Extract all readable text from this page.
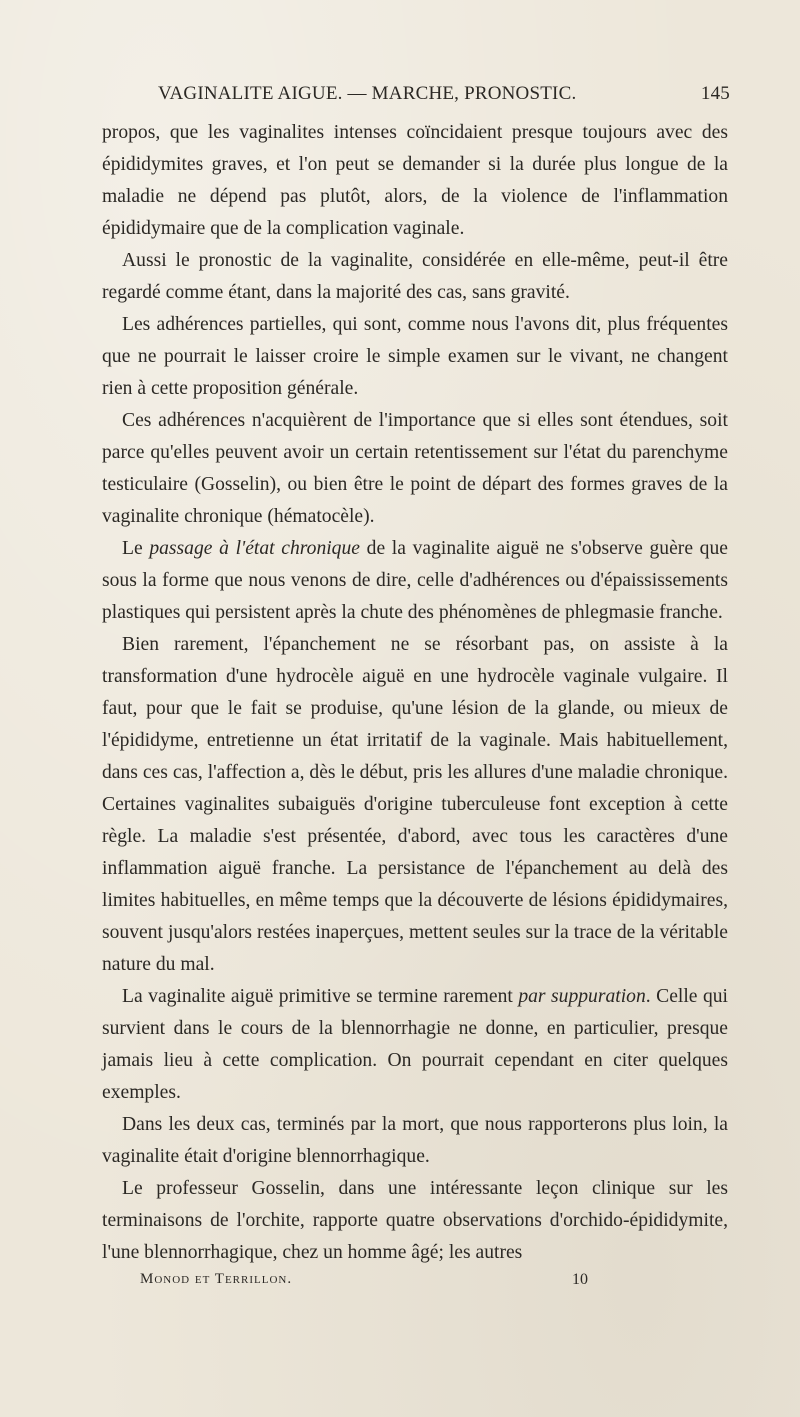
VAGINALITE AIGUE. — MARCHE, PRONOSTIC.	145

propos, que les vaginalites intenses coïncidaient presque toujours avec des épididymites graves, et l'on peut se demander si la durée plus longue de la maladie ne dépend pas plutôt, alors, de la violence de l'inflammation épididymaire que de la complication vaginale.

Aussi le pronostic de la vaginalite, considérée en elle-même, peut-il être regardé comme étant, dans la majorité des cas, sans gravité.

Les adhérences partielles, qui sont, comme nous l'avons dit, plus fréquentes que ne pourrait le laisser croire le simple examen sur le vivant, ne changent rien à cette proposition générale.

Ces adhérences n'acquièrent de l'importance que si elles sont étendues, soit parce qu'elles peuvent avoir un certain retentissement sur l'état du parenchyme testiculaire (Gosselin), ou bien être le point de départ des formes graves de la vaginalite chronique (hématocèle).

Le passage à l'état chronique de la vaginalite aiguë ne s'observe guère que sous la forme que nous venons de dire, celle d'adhérences ou d'épaississements plastiques qui persistent après la chute des phénomènes de phlegmasie franche.

Bien rarement, l'épanchement ne se résorbant pas, on assiste à la transformation d'une hydrocèle aiguë en une hydrocèle vaginale vulgaire. Il faut, pour que le fait se produise, qu'une lésion de la glande, ou mieux de l'épididyme, entretienne un état irritatif de la vaginale. Mais habituellement, dans ces cas, l'affection a, dès le début, pris les allures d'une maladie chronique. Certaines vaginalites subaiguës d'origine tuberculeuse font exception à cette règle. La maladie s'est présentée, d'abord, avec tous les caractères d'une inflammation aiguë franche. La persistance de l'épanchement au delà des limites habituelles, en même temps que la découverte de lésions épididymaires, souvent jusqu'alors restées inaperçues, mettent seules sur la trace de la véritable nature du mal.

La vaginalite aiguë primitive se termine rarement par suppuration. Celle qui survient dans le cours de la blennorrhagie ne donne, en particulier, presque jamais lieu à cette complication. On pourrait cependant en citer quelques exemples.

Dans les deux cas, terminés par la mort, que nous rapporterons plus loin, la vaginalite était d'origine blennorrhagique.

Le professeur Gosselin, dans une intéressante leçon clinique sur les terminaisons de l'orchite, rapporte quatre observations d'orchido-épididymite, l'une blennorrhagique, chez un homme âgé; les autres

Monod et Terrillon.	10
